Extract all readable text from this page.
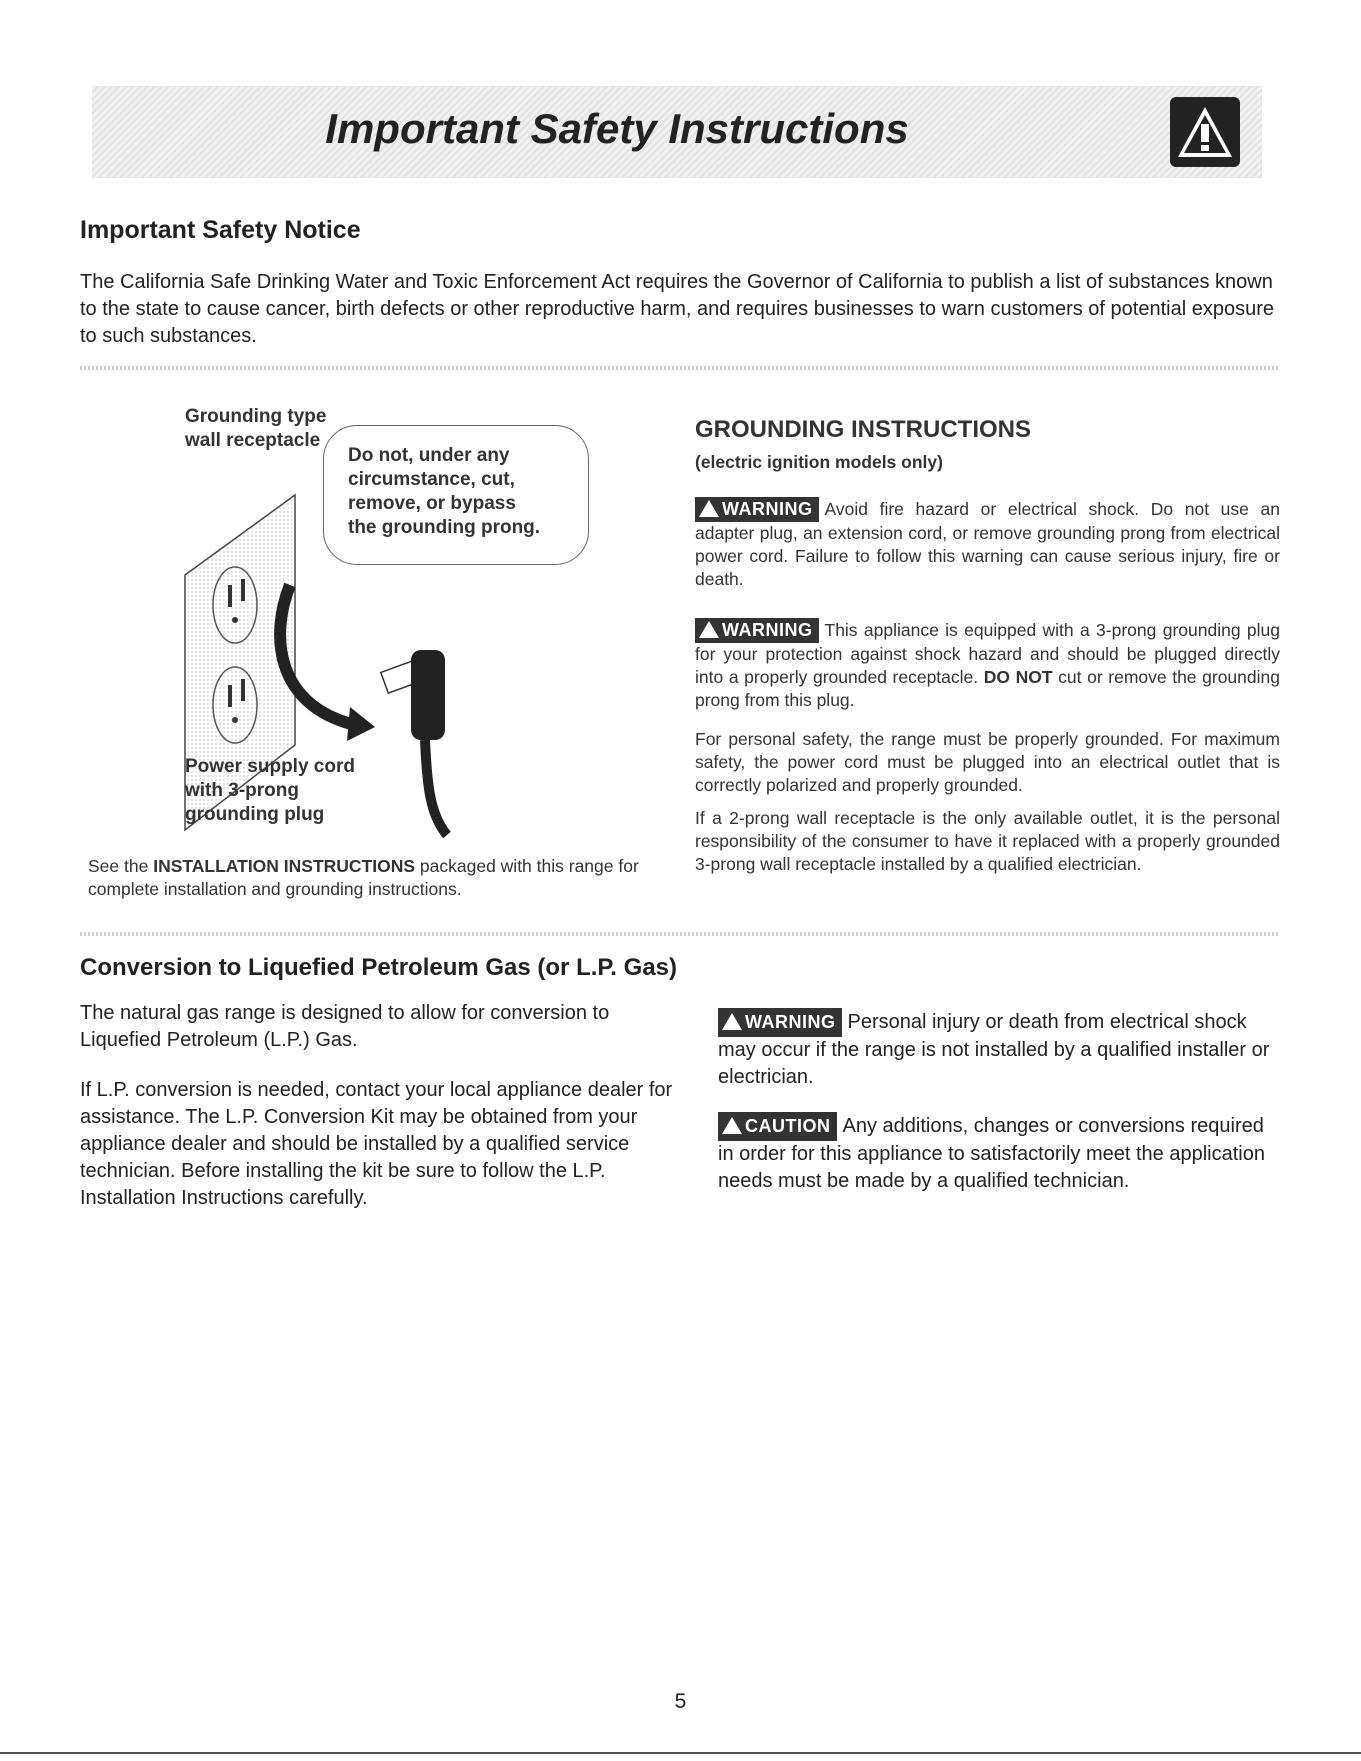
Important Safety Instructions
Important Safety Notice

The California Safe Drinking Water and Toxic Enforcement Act requires the Governor of California to publish a list of substances known to the state to cause cancer, birth defects or other reproductive harm, and requires businesses to warn customers of potential exposure to such substances.

Grounding type
wall receptacle
Do not, under any
circumstance, cut,
remove, or bypass
the grounding prong.
Power supply cord
with 3-prong
grounding plug

See the INSTALLATION INSTRUCTIONS packaged with this range for complete installation and grounding instructions.

GROUNDING INSTRUCTIONS
(electric ignition models only)

WARNING Avoid fire hazard or electrical shock. Do not use an adapter plug, an extension cord, or remove grounding prong from electrical power cord. Failure to follow this warning can cause serious injury, fire or death.

WARNING This appliance is equipped with a 3-prong grounding plug for your protection against shock hazard and should be plugged directly into a properly grounded receptacle. DO NOT cut or remove the grounding prong from this plug.

For personal safety, the range must be properly grounded. For maximum safety, the power cord must be plugged into an electrical outlet that is correctly polarized and properly grounded.

If a 2-prong wall receptacle is the only available outlet, it is the personal responsibility of the consumer to have it replaced with a properly grounded 3-prong wall receptacle installed by a qualified electrician.

Conversion to Liquefied Petroleum Gas (or L.P. Gas)

The natural gas range is designed to allow for conversion to Liquefied Petroleum (L.P.) Gas.

If L.P. conversion is needed, contact your local appliance dealer for assistance. The L.P. Conversion Kit may be obtained from your appliance dealer and should be installed by a qualified service technician. Before installing the kit be sure to follow the L.P. Installation Instructions carefully.

WARNING Personal injury or death from electrical shock may occur if the range is not installed by a qualified installer or electrician.

CAUTION Any additions, changes or conversions required in order for this appliance to satisfactorily meet the application needs must be made by a qualified technician.

5
